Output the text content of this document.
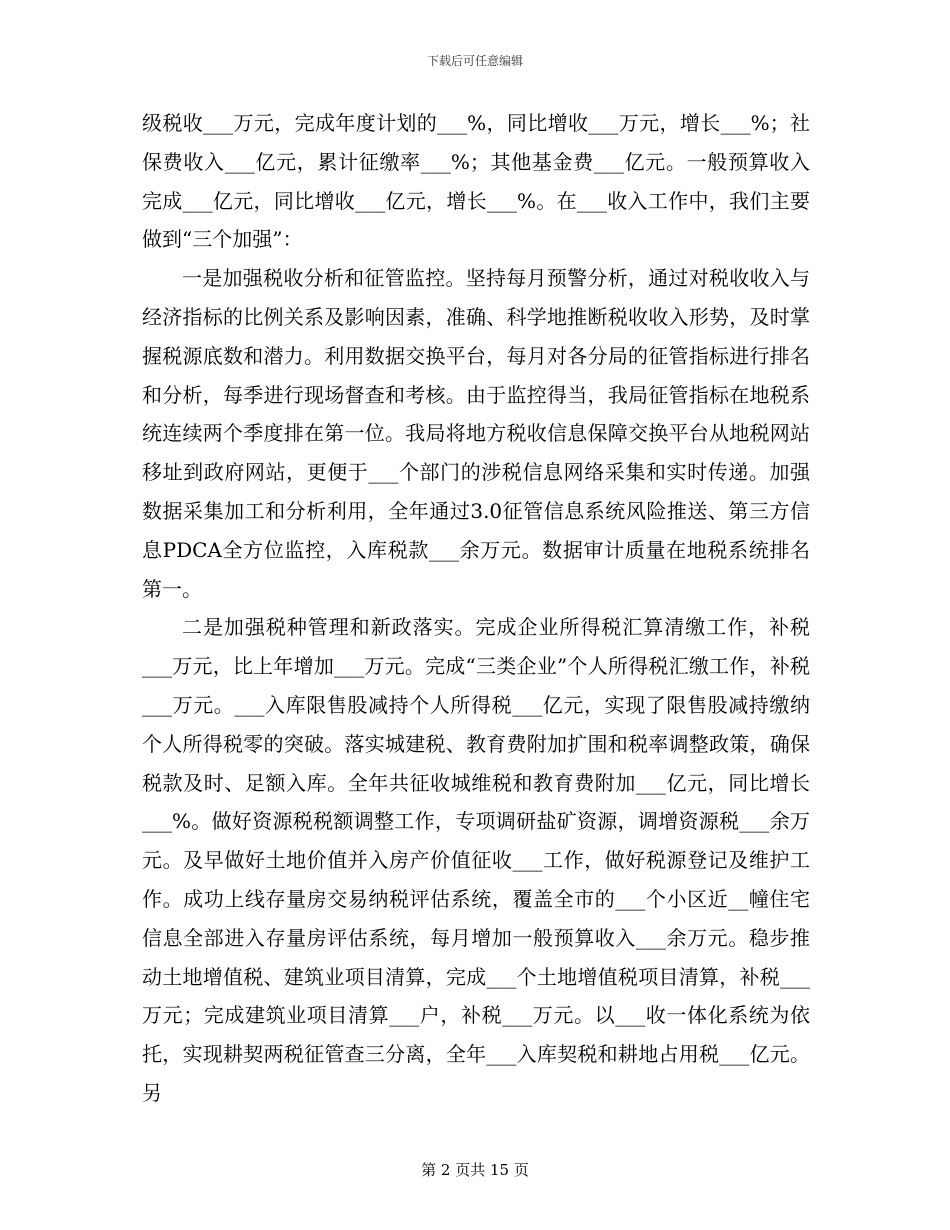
下载后可任意编辑

级税收___万元，完成年度计划的___%，同比增收___万元，增长___%；社保费收入___亿元，累计征缴率___%；其他基金费___亿元。一般预算收入完成___亿元，同比增收___亿元，增长___%。在___收入工作中，我们主要做到“三个加强”：

一是加强税收分析和征管监控。坚持每月预警分析，通过对税收收入与经济指标的比例关系及影响因素，准确、科学地推断税收收入形势，及时掌握税源底数和潜力。利用数据交换平台，每月对各分局的征管指标进行排名和分析，每季进行现场督查和考核。由于监控得当，我局征管指标在地税系统连续两个季度排在第一位。我局将地方税收信息保障交换平台从地税网站移址到政府网站，更便于___个部门的涉税信息网络采集和实时传递。加强数据采集加工和分析利用，全年通过3.0征管信息系统风险推送、第三方信息PDCA全方位监控，入库税款___余万元。数据审计质量在地税系统排名第一。

二是加强税种管理和新政落实。完成企业所得税汇算清缴工作，补税___万元，比上年增加___万元。完成“三类企业”个人所得税汇缴工作，补税___万元。___入库限售股减持个人所得税___亿元，实现了限售股减持缴纳个人所得税零的突破。落实城建税、教育费附加扩围和税率调整政策，确保税款及时、足额入库。全年共征收城维税和教育费附加___亿元，同比增长___%。做好资源税税额调整工作，专项调研盐矿资源，调增资源税___余万元。及早做好土地价值并入房产价值征收___工作，做好税源登记及维护工作。成功上线存量房交易纳税评估系统，覆盖全市的___个小区近__幢住宅信息全部进入存量房评估系统，每月增加一般预算收入___余万元。稳步推动土地增值税、建筑业项目清算，完成___个土地增值税项目清算，补税___万元；完成建筑业项目清算___户，补税___万元。以___收一体化系统为依托，实现耕契两税征管查三分离，全年___入库契税和耕地占用税___亿元。另

第 2 页共 15 页
